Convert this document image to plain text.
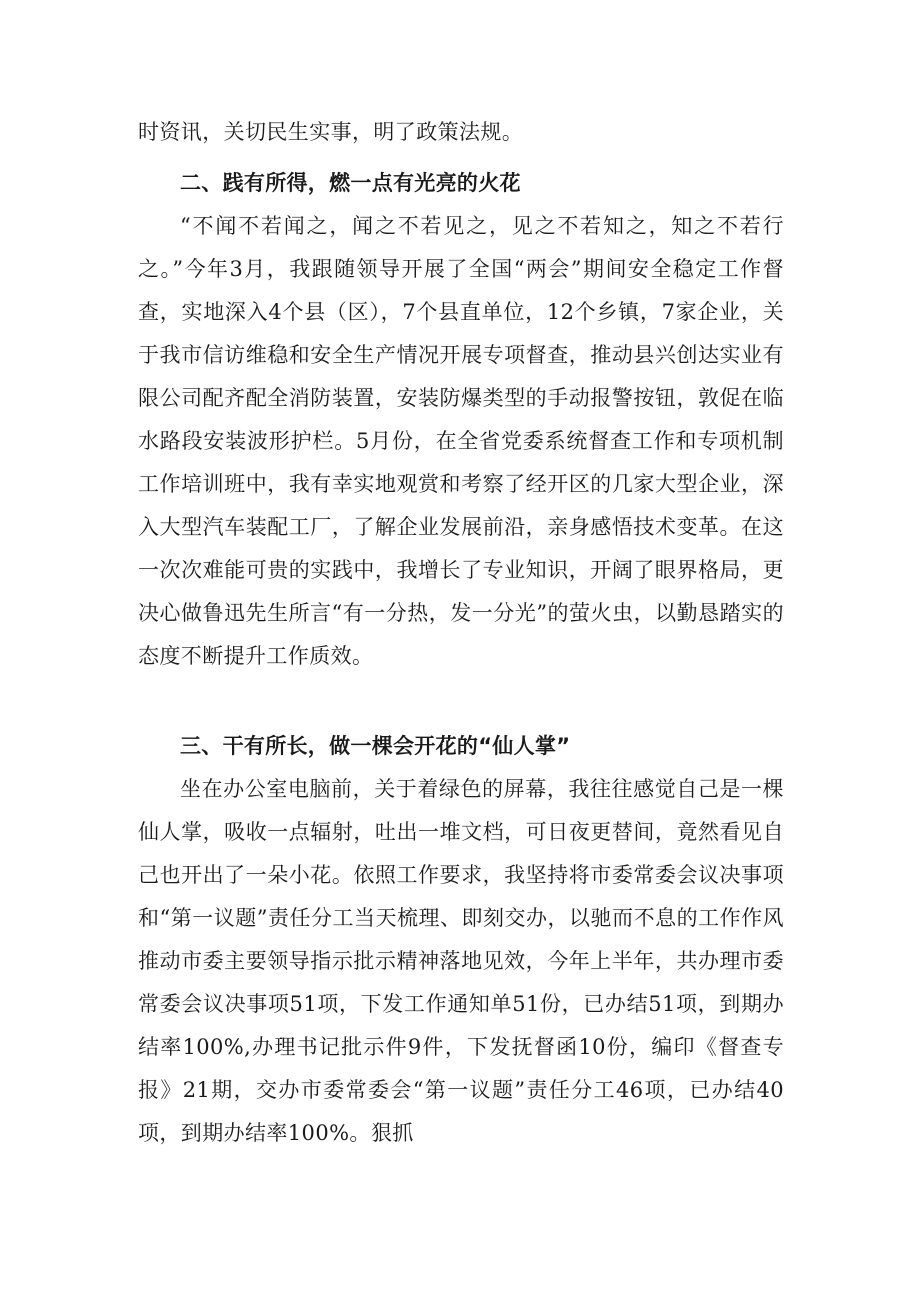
时资讯，关切民生实事，明了政策法规。

二、践有所得，燃一点有光亮的火花

“不闻不若闻之，闻之不若见之，见之不若知之，知之不若行之。”今年3月，我跟随领导开展了全国“两会”期间安全稳定工作督查，实地深入4个县（区），7个县直单位，12个乡镇，7家企业，关于我市信访维稳和安全生产情况开展专项督查，推动县兴创达实业有限公司配齐配全消防装置，安装防爆类型的手动报警按钮，敦促在临水路段安装波形护栏。5月份，在全省党委系统督查工作和专项机制工作培训班中，我有幸实地观赏和考察了经开区的几家大型企业，深入大型汽车装配工厂，了解企业发展前沿，亲身感悟技术变革。在这一次次难能可贵的实践中，我增长了专业知识，开阔了眼界格局，更决心做鲁迅先生所言“有一分热，发一分光”的萤火虫，以勤恳踏实的态度不断提升工作质效。

三、干有所长，做一棵会开花的“仙人掌”

坐在办公室电脑前，关于着绿色的屏幕，我往往感觉自己是一棵仙人掌，吸收一点辐射，吐出一堆文档，可日夜更替间，竟然看见自己也开出了一朵小花。依照工作要求，我坚持将市委常委会议决事项和“第一议题”责任分工当天梳理、即刻交办，以驰而不息的工作作风推动市委主要领导指示批示精神落地见效，今年上半年，共办理市委常委会议决事项51项，下发工作通知单51份，已办结51项，到期办结率100%,办理书记批示件9件，下发抚督函10份，编印《督查专报》21期，交办市委常委会“第一议题”责任分工46项，已办结40项，到期办结率100%。狠抓
